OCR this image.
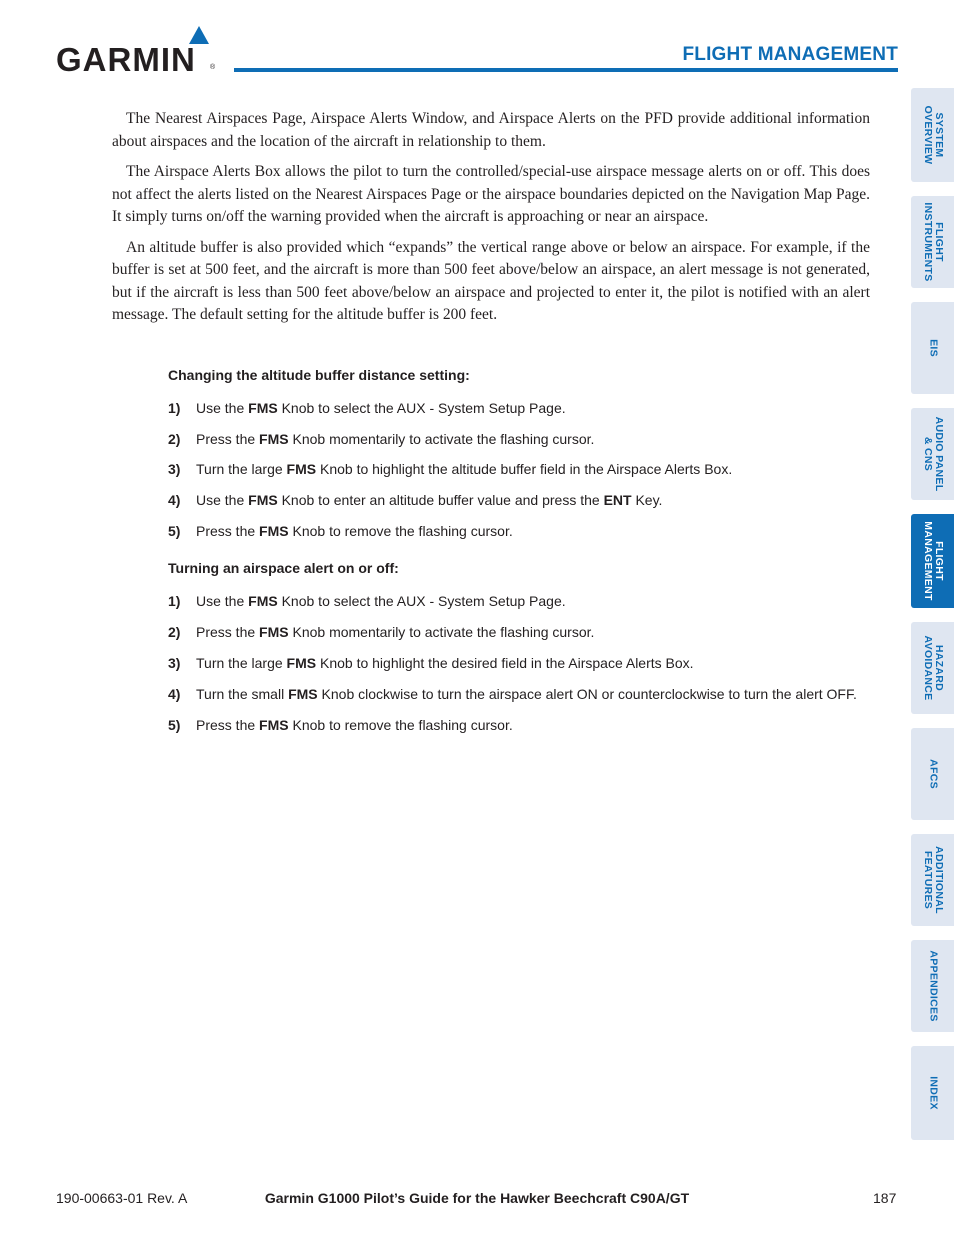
GARMIN ®
FLIGHT MANAGEMENT

The Nearest Airspaces Page, Airspace Alerts Window, and Airspace Alerts on the PFD provide additional information about airspaces and the location of the aircraft in relationship to them.

The Airspace Alerts Box allows the pilot to turn the controlled/special-use airspace message alerts on or off. This does not affect the alerts listed on the Nearest Airspaces Page or the airspace boundaries depicted on the Navigation Map Page. It simply turns on/off the warning provided when the aircraft is approaching or near an airspace.

An altitude buffer is also provided which “expands” the vertical range above or below an airspace. For example, if the buffer is set at 500 feet, and the aircraft is more than 500 feet above/below an airspace, an alert message is not generated, but if the aircraft is less than 500 feet above/below an airspace and projected to enter it, the pilot is notified with an alert message. The default setting for the altitude buffer is 200 feet.

Changing the altitude buffer distance setting:
1) Use the FMS Knob to select the AUX - System Setup Page.
2) Press the FMS Knob momentarily to activate the flashing cursor.
3) Turn the large FMS Knob to highlight the altitude buffer field in the Airspace Alerts Box.
4) Use the FMS Knob to enter an altitude buffer value and press the ENT Key.
5) Press the FMS Knob to remove the flashing cursor.
Turning an airspace alert on or off:
1) Use the FMS Knob to select the AUX - System Setup Page.
2) Press the FMS Knob momentarily to activate the flashing cursor.
3) Turn the large FMS Knob to highlight the desired field in the Airspace Alerts Box.
4) Turn the small FMS Knob clockwise to turn the airspace alert ON or counterclockwise to turn the alert OFF.
5) Press the FMS Knob to remove the flashing cursor.
SYSTEM
OVERVIEW
FLIGHT
INSTRUMENTS
EIS
AUDIO PANEL
& CNS
FLIGHT
MANAGEMENT
HAZARD
AVOIDANCE
AFCS
ADDITIONAL
FEATURES
APPENDICES
INDEX
190-00663-01 Rev. A	Garmin G1000 Pilot’s Guide for the Hawker Beechcraft C90A/GT	187
